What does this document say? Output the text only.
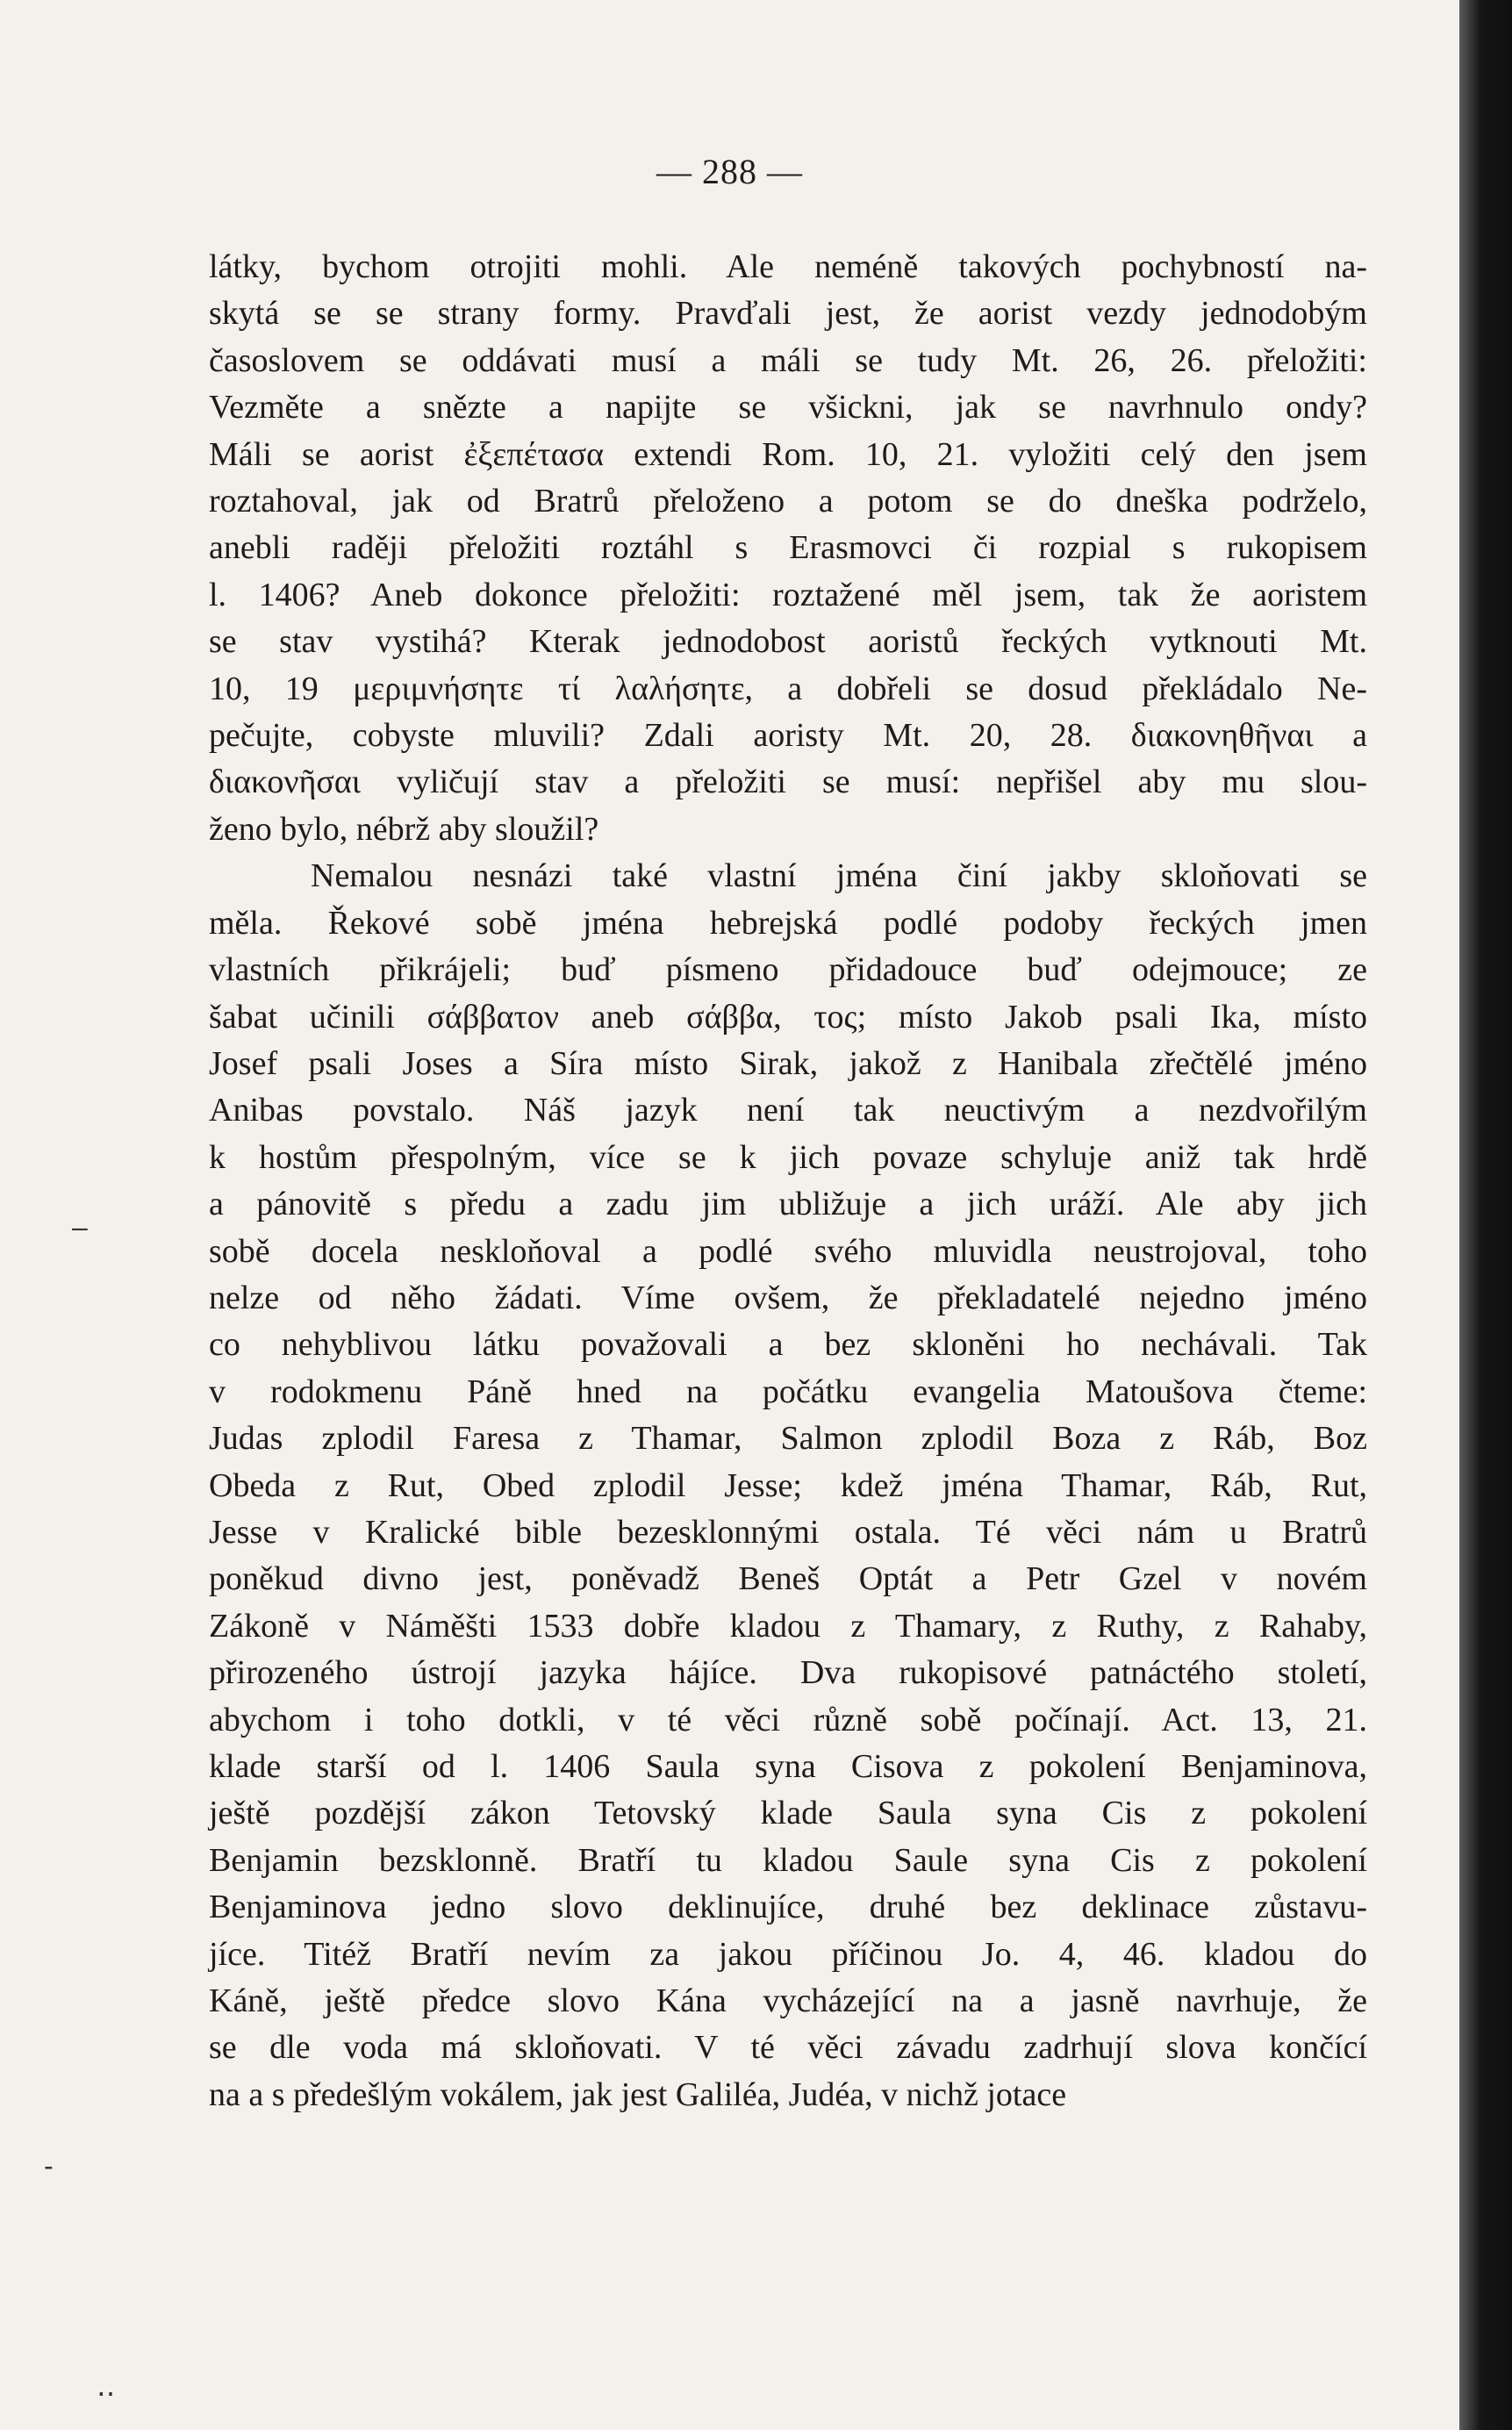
— 288 —
látky, bychom otrojiti mohli. Ale neméně takových pochybností na-
skytá se se strany formy. Pravďali jest, že aorist vezdy jednodobým
časoslovem se oddávati musí a máli se tudy Mt. 26, 26. přeložiti:
Vezměte a snězte a napijte se všickni, jak se navrhnulo ondy?
Máli se aorist ἐξεπέτασα extendi Rom. 10, 21. vyložiti celý den jsem
roztahoval, jak od Bratrů přeloženo a potom se do dneška podrželo,
anebli raději přeložiti roztáhl s Erasmovci či rozpial s rukopisem
l. 1406? Aneb dokonce přeložiti: roztažené měl jsem, tak že aoristem
se stav vystihá? Kterak jednodobost aoristů řeckých vytknouti Mt.
10, 19 μεριμνήσητε τί λαλήσητε, a dobřeli se dosud překládalo Ne-
pečujte, cobyste mluvili? Zdali aoristy Mt. 20, 28. διακονηθῆναι a
διακονῆσαι vyličují stav a přeložiti se musí: nepřišel aby mu slou-
ženo bylo, nébrž aby sloužil?
Nemalou nesnázi také vlastní jména činí jakby skloňovati se
měla. Řekové sobě jména hebrejská podlé podoby řeckých jmen
vlastních přikrájeli; buď písmeno přidadouce buď odejmouce; ze
šabat učinili σάββατον aneb σάββα, τος; místo Jakob psali Ika, místo
Josef psali Joses a Síra místo Sirak, jakož z Hanibala zřečtělé jméno
Anibas povstalo. Náš jazyk není tak neuctivým a nezdvořilým
k hostům přespolným, více se k jich povaze schyluje aniž tak hrdě
a pánovitě s předu a zadu jim ubližuje a jich uráží. Ale aby jich
sobě docela neskloňoval a podlé svého mluvidla neustrojoval, toho
nelze od něho žádati. Víme ovšem, že překladatelé nejedno jméno
co nehyblivou látku považovali a bez skloněni ho nechávali. Tak
v rodokmenu Páně hned na počátku evangelia Matoušova čteme:
Judas zplodil Faresa z Thamar, Salmon zplodil Boza z Ráb, Boz
Obeda z Rut, Obed zplodil Jesse; kdež jména Thamar, Ráb, Rut,
Jesse v Kralické bible bezesklonnými ostala. Té věci nám u Bratrů
poněkud divno jest, poněvadž Beneš Optát a Petr Gzel v novém
Zákoně v Náměšti 1533 dobře kladou z Thamary, z Ruthy, z Rahaby,
přirozeného ústrojí jazyka hájíce. Dva rukopisové patnáctého století,
abychom i toho dotkli, v té věci různě sobě počínají. Act. 13, 21.
klade starší od l. 1406 Saula syna Cisova z pokolení Benjaminova,
ještě pozdější zákon Tetovský klade Saula syna Cis z pokolení
Benjamin bezsklonně. Bratří tu kladou Saule syna Cis z pokolení
Benjaminova jedno slovo deklinujíce, druhé bez deklinace zůstavu-
jíce. Titéž Bratří nevím za jakou příčinou Jo. 4, 46. kladou do
Káně, ještě předce slovo Kána vycházející na a jasně navrhuje, že
se dle voda má skloňovati. V té věci závadu zadrhují slova končící
na a s předešlým vokálem, jak jest Galiléa, Judéa, v nichž jotace
–
-
‥
